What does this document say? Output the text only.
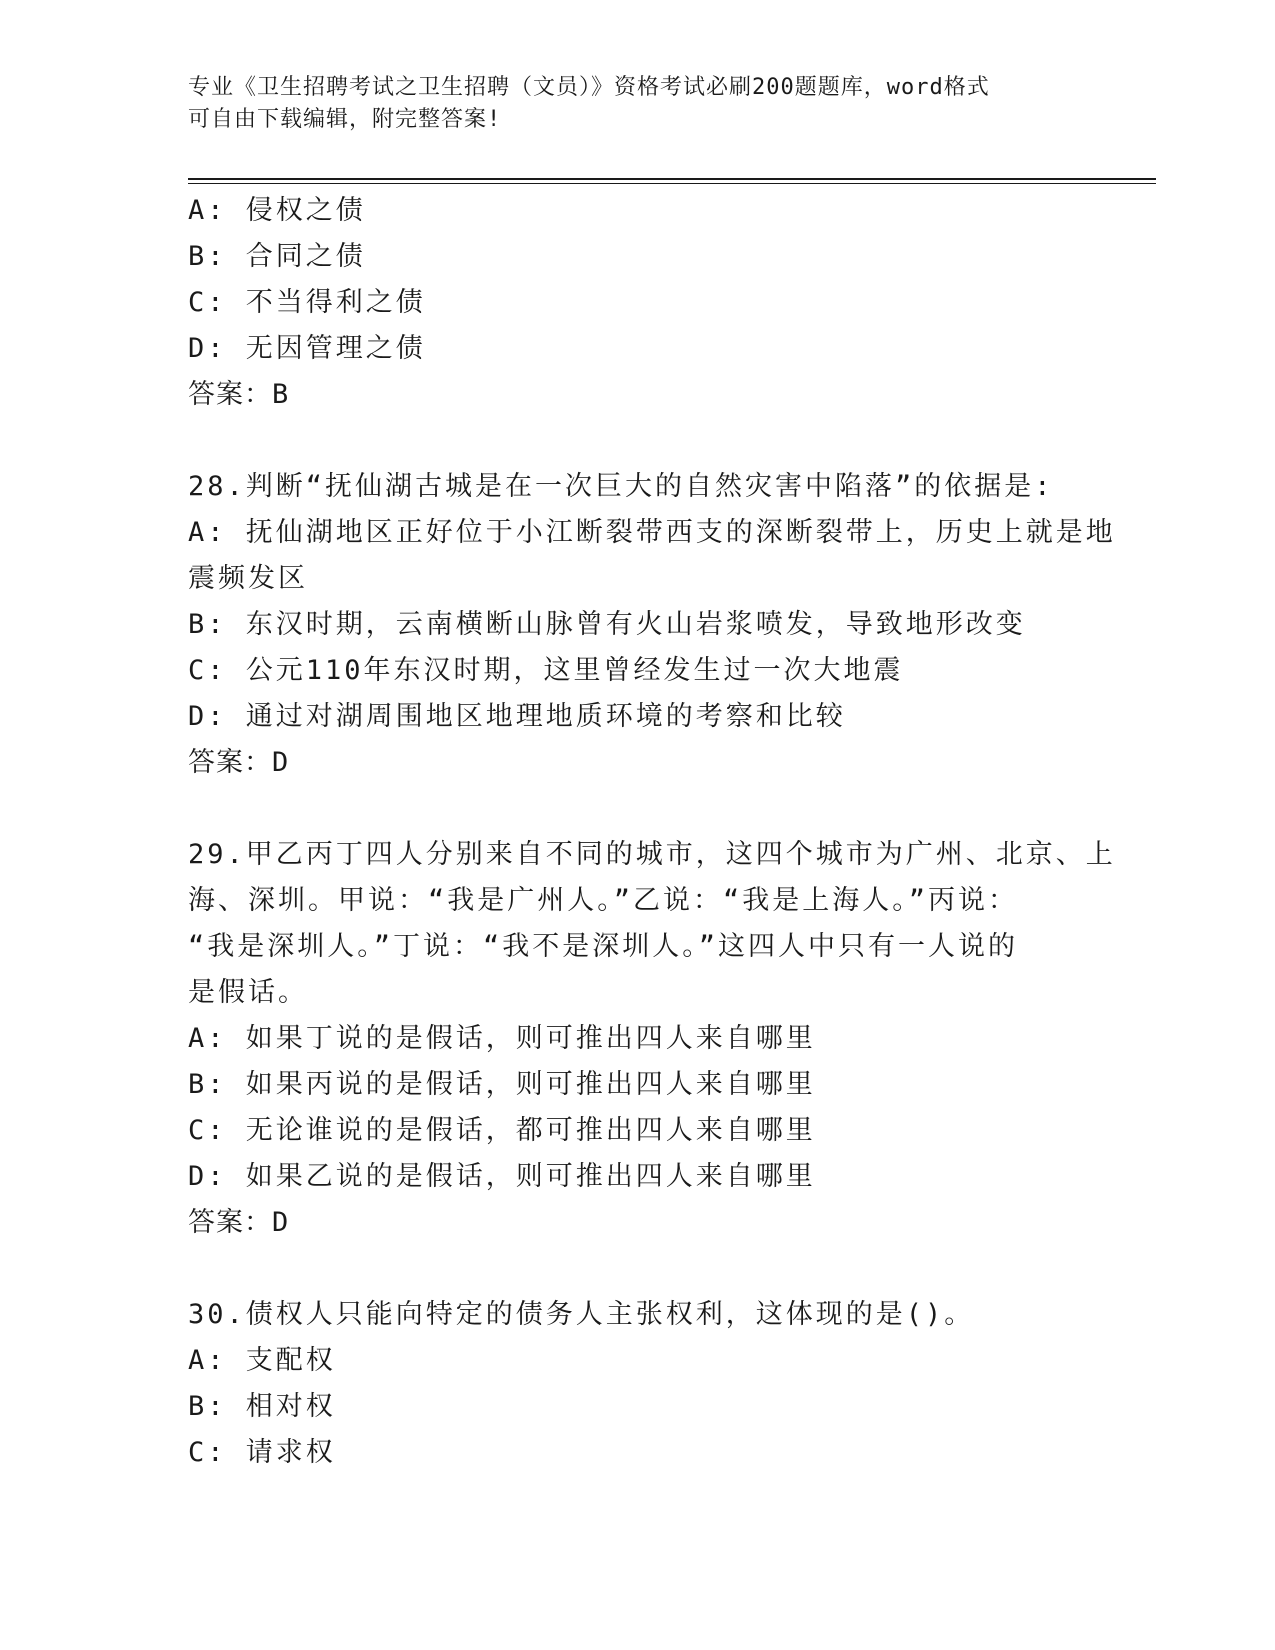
专业《卫生招聘考试之卫生招聘（文员）》资格考试必刷200题题库，word格式
可自由下载编辑，附完整答案!
A: 侵权之债
B: 合同之债
C: 不当得利之债
D: 无因管理之债
答案：B
28.判断“抚仙湖古城是在一次巨大的自然灾害中陷落”的依据是:
A: 抚仙湖地区正好位于小江断裂带西支的深断裂带上，历史上就是地
震频发区
B: 东汉时期，云南横断山脉曾有火山岩浆喷发，导致地形改变
C: 公元110年东汉时期，这里曾经发生过一次大地震
D: 通过对湖周围地区地理地质环境的考察和比较
答案：D
29.甲乙丙丁四人分别来自不同的城市，这四个城市为广州、北京、上
海、深圳。甲说：“我是广州人。”乙说：“我是上海人。”丙说：
“我是深圳人。”丁说：“我不是深圳人。”这四人中只有一人说的
是假话。
A: 如果丁说的是假话，则可推出四人来自哪里
B: 如果丙说的是假话，则可推出四人来自哪里
C: 无论谁说的是假话，都可推出四人来自哪里
D: 如果乙说的是假话，则可推出四人来自哪里
答案：D
30.债权人只能向特定的债务人主张权利，这体现的是()。
A: 支配权
B: 相对权
C: 请求权
